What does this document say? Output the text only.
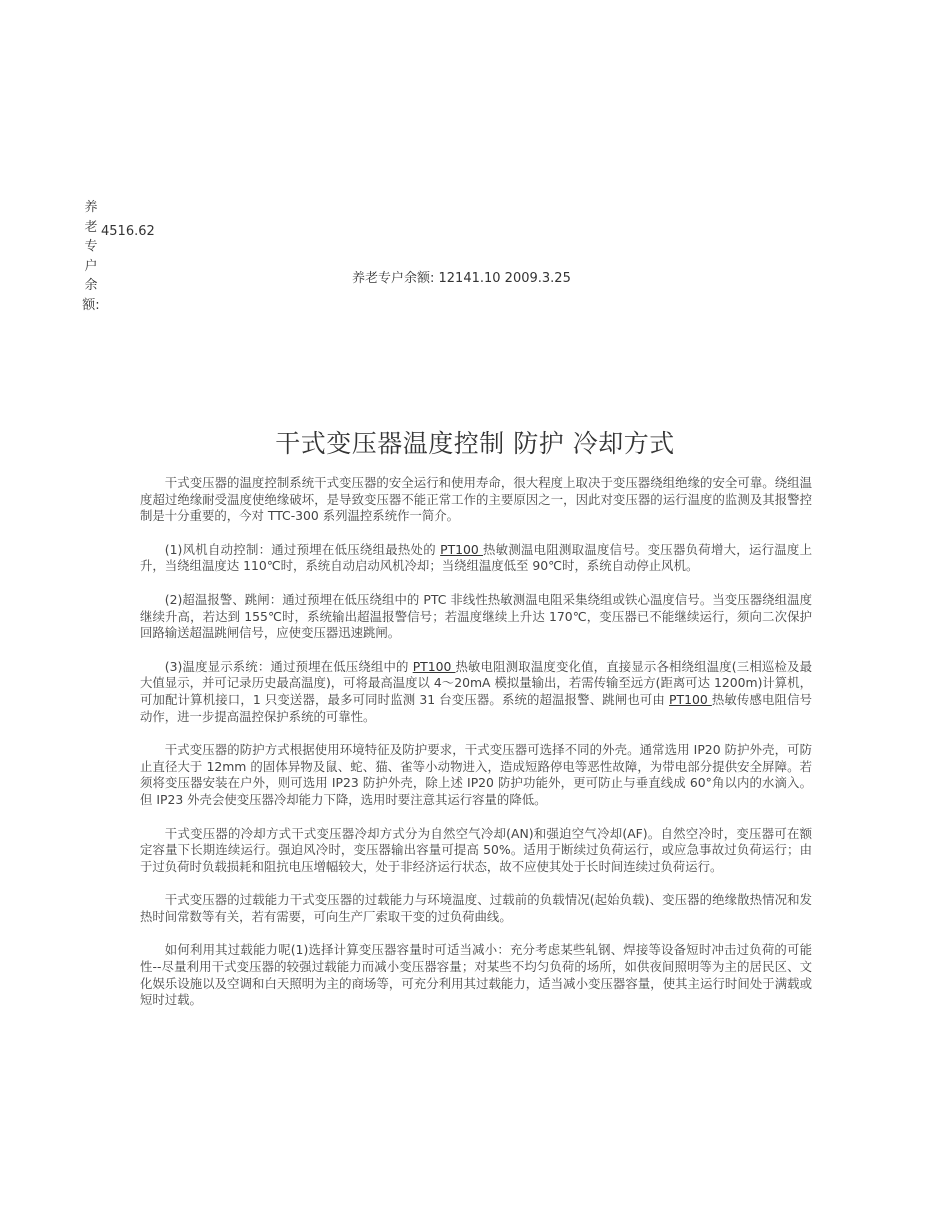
养老专户余额:
4516.62
养老专户余额: 12141.10 2009.3.25
干式变压器温度控制 防护 冷却方式

干式变压器的温度控制系统干式变压器的安全运行和使用寿命，很大程度上取决于变压器绕组绝缘的安全可靠。绕组温度超过绝缘耐受温度使绝缘破坏，是导致变压器不能正常工作的主要原因之一，因此对变压器的运行温度的监测及其报警控制是十分重要的，今对 TTC-300 系列温控系统作一简介。

(1)风机自动控制：通过预埋在低压绕组最热处的 PT100 热敏测温电阻测取温度信号。变压器负荷增大，运行温度上升，当绕组温度达 110℃时，系统自动启动风机冷却；当绕组温度低至 90℃时，系统自动停止风机。

(2)超温报警、跳闸：通过预埋在低压绕组中的 PTC 非线性热敏测温电阻采集绕组或铁心温度信号。当变压器绕组温度继续升高，若达到 155℃时，系统输出超温报警信号；若温度继续上升达 170℃，变压器已不能继续运行，须向二次保护回路输送超温跳闸信号，应使变压器迅速跳闸。

(3)温度显示系统：通过预埋在低压绕组中的 PT100 热敏电阻测取温度变化值，直接显示各相绕组温度(三相巡检及最大值显示，并可记录历史最高温度)，可将最高温度以 4～20mA 模拟量输出，若需传输至远方(距离可达 1200m)计算机，可加配计算机接口，1 只变送器，最多可同时监测 31 台变压器。系统的超温报警、跳闸也可由 PT100 热敏传感电阻信号动作，进一步提高温控保护系统的可靠性。

干式变压器的防护方式根据使用环境特征及防护要求，干式变压器可选择不同的外壳。通常选用 IP20 防护外壳，可防止直径大于 12mm 的固体异物及鼠、蛇、猫、雀等小动物进入，造成短路停电等恶性故障，为带电部分提供安全屏障。若须将变压器安装在户外，则可选用 IP23 防护外壳，除上述 IP20 防护功能外，更可防止与垂直线成 60°角以内的水滴入。但 IP23 外壳会使变压器冷却能力下降，选用时要注意其运行容量的降低。

干式变压器的冷却方式干式变压器冷却方式分为自然空气冷却(AN)和强迫空气冷却(AF)。自然空冷时，变压器可在额定容量下长期连续运行。强迫风冷时，变压器输出容量可提高 50%。适用于断续过负荷运行，或应急事故过负荷运行；由于过负荷时负载损耗和阻抗电压增幅较大，处于非经济运行状态，故不应使其处于长时间连续过负荷运行。

干式变压器的过载能力干式变压器的过载能力与环境温度、过载前的负载情况(起始负载)、变压器的绝缘散热情况和发热时间常数等有关，若有需要，可向生产厂索取干变的过负荷曲线。

如何利用其过载能力呢(1)选择计算变压器容量时可适当减小：充分考虑某些轧钢、焊接等设备短时冲击过负荷的可能性--尽量利用干式变压器的较强过载能力而减小变压器容量；对某些不均匀负荷的场所，如供夜间照明等为主的居民区、文化娱乐设施以及空调和白天照明为主的商场等，可充分利用其过载能力，适当减小变压器容量，使其主运行时间处于满载或短时过载。
